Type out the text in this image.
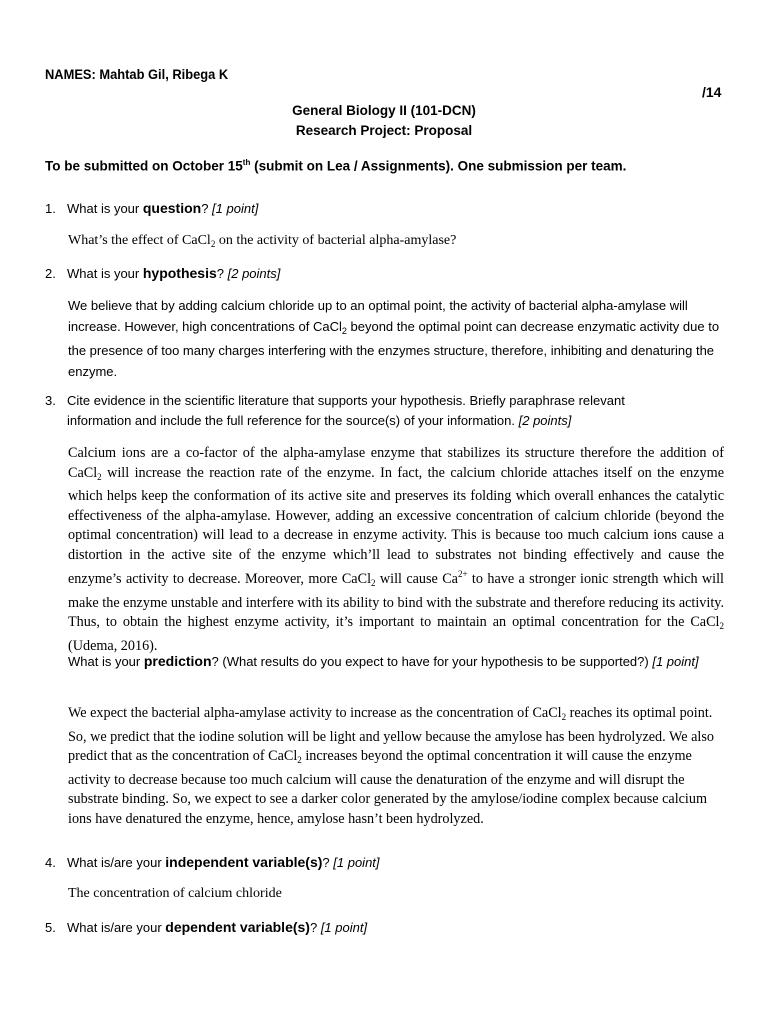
NAMES: Mahtab Gil, Ribega K
/14
General Biology II (101-DCN)
Research Project: Proposal
To be submitted on October 15th (submit on Lea / Assignments). One submission per team.
1. What is your question? [1 point]
What’s the effect of CaCl$_2$ on the activity of bacterial alpha-amylase?
2. What is your hypothesis? [2 points]
We believe that by adding calcium chloride up to an optimal point, the activity of bacterial alpha-amylase will increase. However, high concentrations of CaCl$_2$ beyond the optimal point can decrease enzymatic activity due to the presence of too many charges interfering with the enzymes structure, therefore, inhibiting and denaturing the enzyme.
3. Cite evidence in the scientific literature that supports your hypothesis. Briefly paraphrase relevant information and include the full reference for the source(s) of your information. [2 points]
Calcium ions are a co-factor of the alpha-amylase enzyme that stabilizes its structure therefore the addition of CaCl$_2$ will increase the reaction rate of the enzyme. In fact, the calcium chloride attaches itself on the enzyme which helps keep the conformation of its active site and preserves its folding which overall enhances the catalytic effectiveness of the alpha-amylase. However, adding an excessive concentration of calcium chloride (beyond the optimal concentration) will lead to a decrease in enzyme activity. This is because too much calcium ions cause a distortion in the active site of the enzyme which’ll lead to substrates not binding effectively and cause the enzyme’s activity to decrease. Moreover, more CaCl$_2$ will cause $Ca^{2+}$ to have a stronger ionic strength which will make the enzyme unstable and interfere with its ability to bind with the substrate and therefore reducing its activity. Thus, to obtain the highest enzyme activity, it’s important to maintain an optimal concentration for the CaCl$_2$ (Udema, 2016).
What is your prediction? (What results do you expect to have for your hypothesis to be supported?) [1 point]
We expect the bacterial alpha-amylase activity to increase as the concentration of CaCl$_2$ reaches its optimal point. So, we predict that the iodine solution will be light and yellow because the amylose has been hydrolyzed. We also predict that as the concentration of CaCl$_2$ increases beyond the optimal concentration it will cause the enzyme activity to decrease because too much calcium will cause the denaturation of the enzyme and will disrupt the substrate binding. So, we expect to see a darker color generated by the amylose/iodine complex because calcium ions have denatured the enzyme, hence, amylose hasn’t been hydrolyzed.
4. What is/are your independent variable(s)? [1 point]
The concentration of calcium chloride
5. What is/are your dependent variable(s)? [1 point]
